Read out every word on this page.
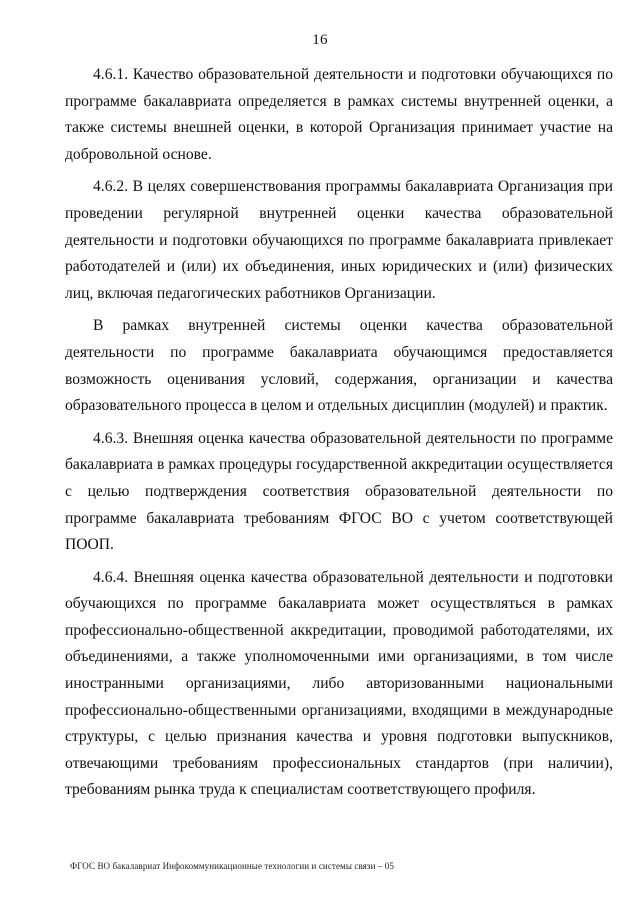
16

4.6.1. Качество образовательной деятельности и подготовки обучающихся по программе бакалавриата определяется в рамках системы внутренней оценки, а также системы внешней оценки, в которой Организация принимает участие на добровольной основе.

4.6.2. В целях совершенствования программы бакалавриата Организация при проведении регулярной внутренней оценки качества образовательной деятельности и подготовки обучающихся по программе бакалавриата привлекает работодателей и (или) их объединения, иных юридических и (или) физических лиц, включая педагогических работников Организации.

В рамках внутренней системы оценки качества образовательной деятельности по программе бакалавриата обучающимся предоставляется возможность оценивания условий, содержания, организации и качества образовательного процесса в целом и отдельных дисциплин (модулей) и практик.

4.6.3. Внешняя оценка качества образовательной деятельности по программе бакалавриата в рамках процедуры государственной аккредитации осуществляется с целью подтверждения соответствия образовательной деятельности по программе бакалавриата требованиям ФГОС ВО с учетом соответствующей ПООП.

4.6.4. Внешняя оценка качества образовательной деятельности и подготовки обучающихся по программе бакалавриата может осуществляться в рамках профессионально-общественной аккредитации, проводимой работодателями, их объединениями, а также уполномоченными ими организациями, в том числе иностранными организациями, либо авторизованными национальными профессионально-общественными организациями, входящими в международные структуры, с целью признания качества и уровня подготовки выпускников, отвечающими требованиям профессиональных стандартов (при наличии), требованиям рынка труда к специалистам соответствующего профиля.

ФГОС ВО бакалавриат Инфокоммуникационные технологии и системы связи – 05
